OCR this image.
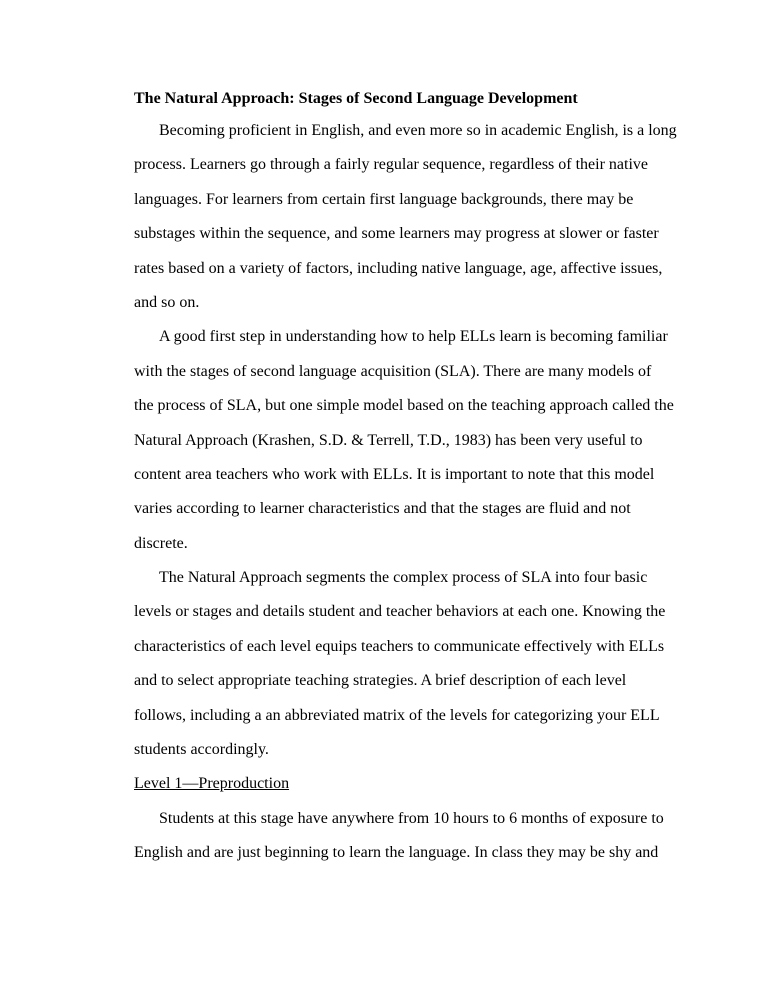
The Natural Approach: Stages of Second Language Development
Becoming proficient in English, and even more so in academic English, is a long
process. Learners go through a fairly regular sequence, regardless of their native
languages. For learners from certain first language backgrounds, there may be
substages within the sequence, and some learners may progress at slower or faster
rates based on a variety of factors, including native language, age, affective issues,
and so on.
A good first step in understanding how to help ELLs learn is becoming familiar
with the stages of second language acquisition (SLA). There are many models of
the process of SLA, but one simple model based on the teaching approach called the
Natural Approach (Krashen, S.D. & Terrell, T.D., 1983) has been very useful to
content area teachers who work with ELLs. It is important to note that this model
varies according to learner characteristics and that the stages are fluid and not
discrete.
The Natural Approach segments the complex process of SLA into four basic
levels or stages and details student and teacher behaviors at each one. Knowing the
characteristics of each level equips teachers to communicate effectively with ELLs
and to select appropriate teaching strategies. A brief description of each level
follows, including a an abbreviated matrix of the levels for categorizing your ELL
students accordingly.
Level 1—Preproduction
Students at this stage have anywhere from 10 hours to 6 months of exposure to
English and are just beginning to learn the language. In class they may be shy and
